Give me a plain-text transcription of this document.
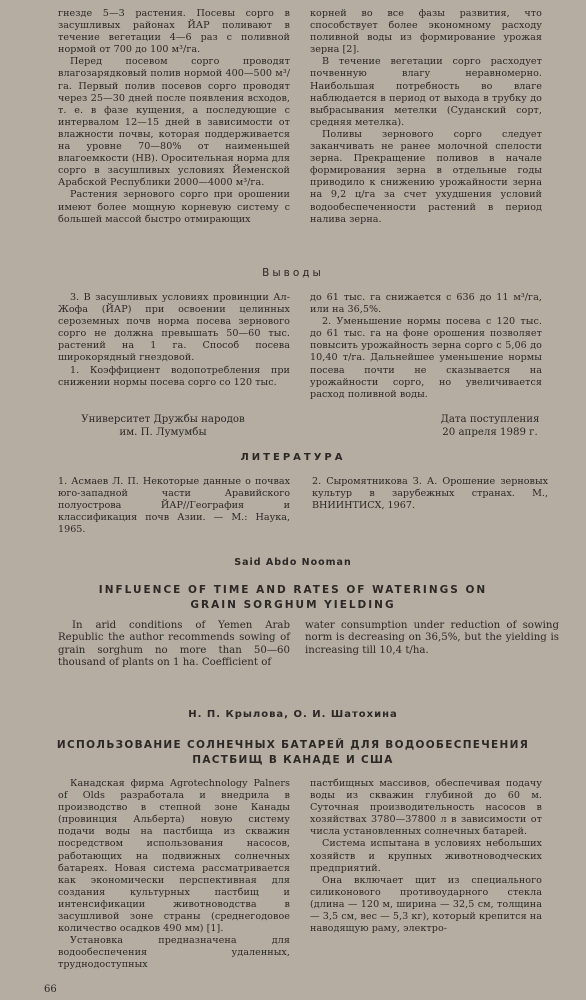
гнезде 5—3 растения. Посевы сорго в засушливых районах ЙАР поливают в течение вегетации 4—6 раз с поливной нормой от 700 до 100 м³/га.

Перед посевом сорго проводят влагозарядковый полив нормой 400—500 м³/га. Первый полив посевов сорго проводят через 25—30 дней после появления всходов, т. е. в фазе кущения, а последующие с интервалом 12—15 дней в зависимости от влажности почвы, которая поддерживается на уровне 70—80% от наименьшей влагоемкости (НВ). Оросительная норма для сорго в засушливых условиях Йеменской Арабской Республики 2000—4000 м³/га.

Растения зернового сорго при орошении имеют более мощную корневую систему с большей массой быстро отмирающих

корней во все фазы развития, что способствует более экономному расходу поливной воды из формирование урожая зерна [2].

В течение вегетации сорго расходует почвенную влагу неравномерно. Наибольшая потребность во влаге наблюдается в период от выхода в трубку до выбрасывания метелки (Суданский сорт, средняя метелка).

Поливы зернового сорго следует заканчивать не ранее молочной спелости зерна. Прекращение поливов в начале формирования зерна в отдельные годы приводило к снижению урожайности зерна на 9,2 ц/га за счет ухудшения условий водообеспеченности растений в период налива зерна.

Выводы

3. В засушливых условиях провинции Ал-Жофа (ЙАР) при освоении целинных сероземных почв норма посева зернового сорго не должна превышать 50—60 тыс. растений на 1 га. Способ посева широкорядный гнездовой.

1. Коэффициент водопотребления при снижении нормы посева сорго со 120 тыс.

до 61 тыс. га снижается с 636 до 11 м³/га, или на 36,5%.

2. Уменьшение нормы посева с 120 тыс. до 61 тыс. га на фоне орошения позволяет повысить урожайность зерна сорго с 5,06 до 10,40 т/га. Дальнейшее уменьшение нормы посева почти не сказывается на урожайности сорго, но увеличивается расход поливной воды.

Университет Дружбы народов
им. П. Лумумбы
Дата поступления
20 апреля 1989 г.
ЛИТЕРАТУРА
1. Асмаев Л. П. Некоторые данные о почвах юго-западной части Аравийского полуострова ЙАР//География и классификация почв Азии. — М.: Наука, 1965.
2. Сыромятникова З. А. Орошение зерновых культур в зарубежных странах. М., ВНИИНТИСХ, 1967.
Said Abdo Nooman
INFLUENCE OF TIME AND RATES OF WATERINGS ON
GRAIN SORGHUM YIELDING

In arid conditions of Yemen Arab Republic the author recommends sowing of grain sorghum no more than 50—60 thousand of plants on 1 ha. Coefficient of

water consumption under reduction of sowing norm is decreasing on 36,5%, but the yielding is increasing till 10,4 t/ha.

Н. П. Крылова, О. И. Шатохина
ИСПОЛЬЗОВАНИЕ СОЛНЕЧНЫХ БАТАРЕЙ ДЛЯ ВОДООБЕСПЕЧЕНИЯ
ПАСТБИЩ В КАНАДЕ И США

Канадская фирма Agrotechnology Palners of Olds разработала и внедрила в производство в степной зоне Канады (провинция Альберта) новую систему подачи воды на пастбища из скважин посредством использования насосов, работающих на подвижных солнечных батареях. Новая система рассматривается как экономически перспективная для создания культурных пастбищ и интенсификации животноводства в засушливой зоне страны (среднегодовое количество осадков 490 мм) [1].

Установка предназначена для водообеспечения удаленных, труднодоступных

пастбищных массивов, обеспечивая подачу воды из скважин глубиной до 60 м. Суточная производительность насосов в хозяйствах 3780—37800 л в зависимости от числа установленных солнечных батарей.

Система испытана в условиях небольших хозяйств и крупных животноводческих предприятий.

Она включает щит из специального силиконового противоударного стекла (длина — 120 м, ширина — 32,5 см, толщина — 3,5 см, вес — 5,3 кг), который крепится на наводящую раму, электро-

66
